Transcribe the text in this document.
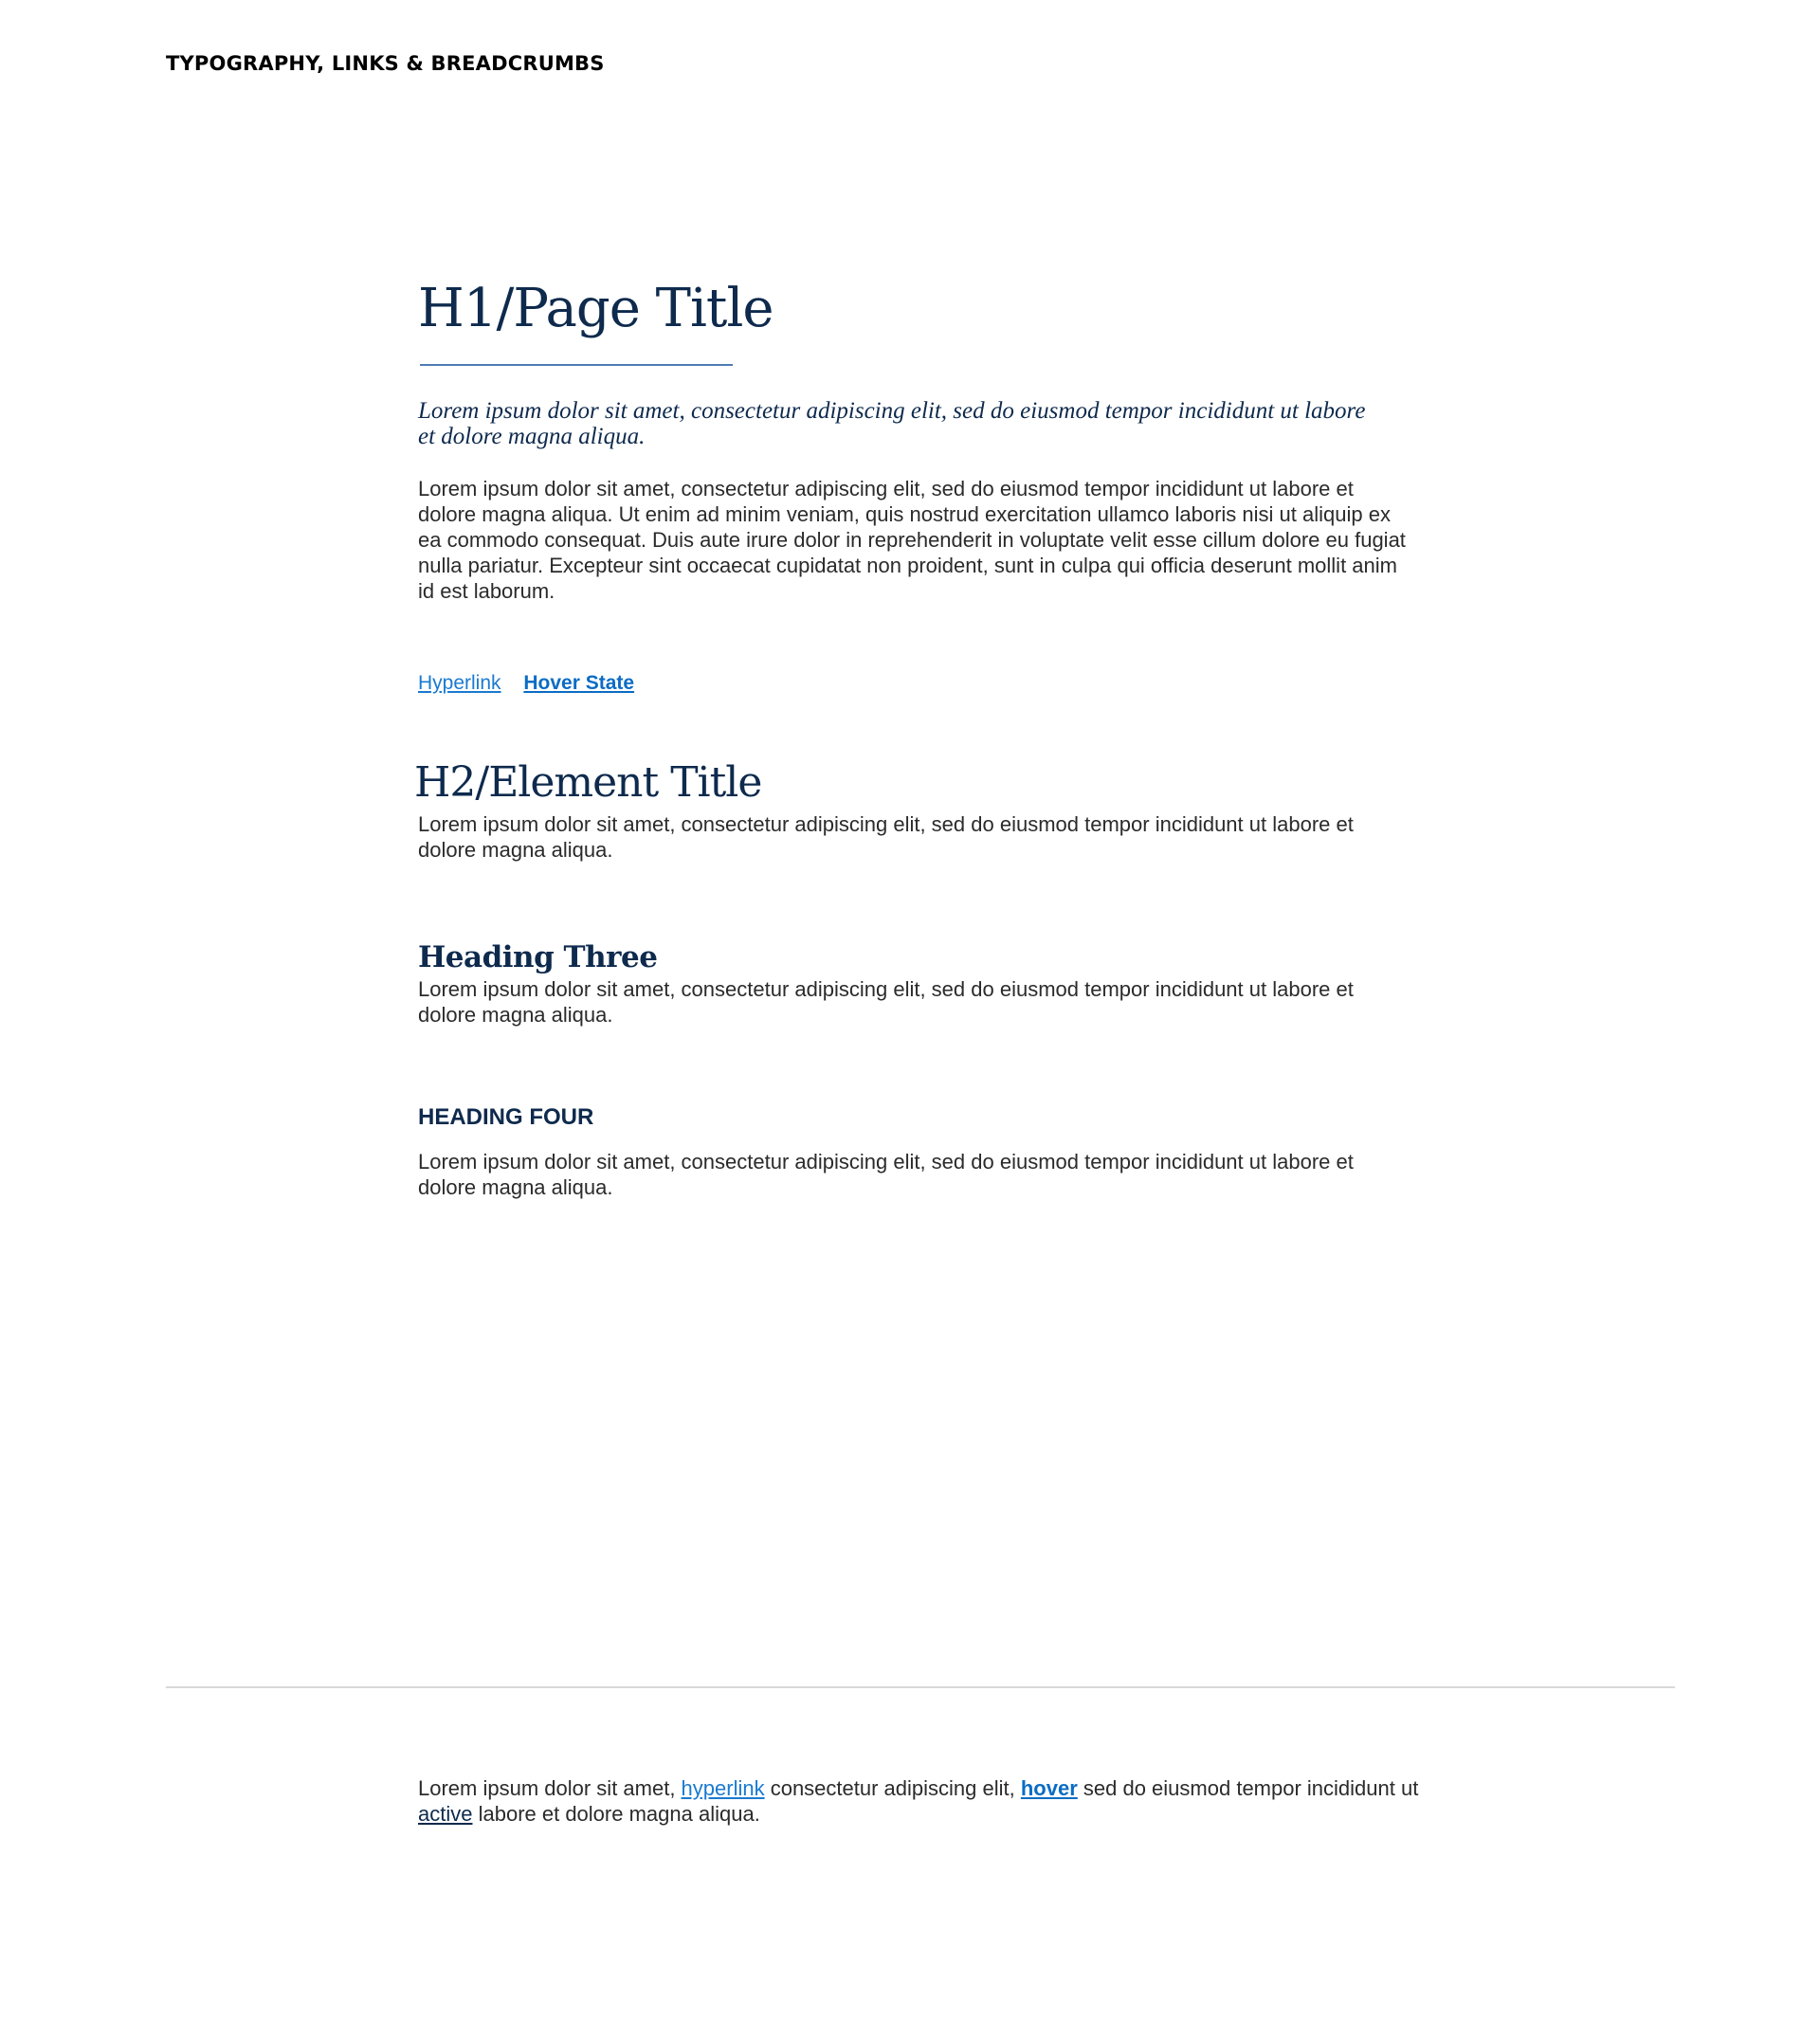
TYPOGRAPHY, LINKS & BREADCRUMBS
H1/Page Title

Lorem ipsum dolor sit amet, consectetur adipiscing elit, sed do eiusmod tempor incididunt ut labore et dolore magna aliqua.

Lorem ipsum dolor sit amet, consectetur adipiscing elit, sed do eiusmod tempor incididunt ut labore et dolore magna aliqua. Ut enim ad minim veniam, quis nostrud exercitation ullamco laboris nisi ut aliquip ex ea commodo consequat. Duis aute irure dolor in reprehenderit in voluptate velit esse cillum dolore eu fugiat nulla pariatur. Excepteur sint occaecat cupidatat non proident, sunt in culpa qui officia deserunt mollit anim id est laborum.

Hyperlink Hover State
H2/Element Title

Lorem ipsum dolor sit amet, consectetur adipiscing elit, sed do eiusmod tempor incididunt ut labore et dolore magna aliqua.

Heading Three

Lorem ipsum dolor sit amet, consectetur adipiscing elit, sed do eiusmod tempor incididunt ut labore et dolore magna aliqua.

HEADING FOUR

Lorem ipsum dolor sit amet, consectetur adipiscing elit, sed do eiusmod tempor incididunt ut labore et dolore magna aliqua.

Lorem ipsum dolor sit amet, hyperlink consectetur adipiscing elit, hover sed do eiusmod tempor incididunt ut active labore et dolore magna aliqua.
